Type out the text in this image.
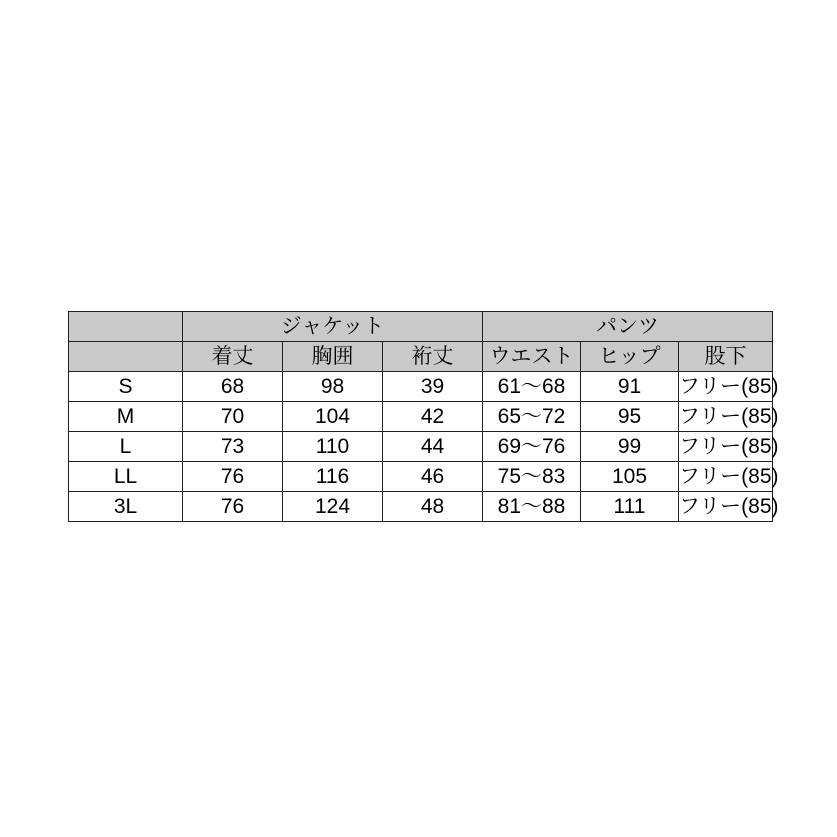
	ジャケット			パンツ		
	着丈	胸囲	裄丈	ウエスト	ヒップ	股下
S	68	98	39	61〜68	91	フリー(85)
M	70	104	42	65〜72	95	フリー(85)
L	73	110	44	69〜76	99	フリー(85)
LL	76	116	46	75〜83	105	フリー(85)
3L	76	124	48	81〜88	111	フリー(85)
